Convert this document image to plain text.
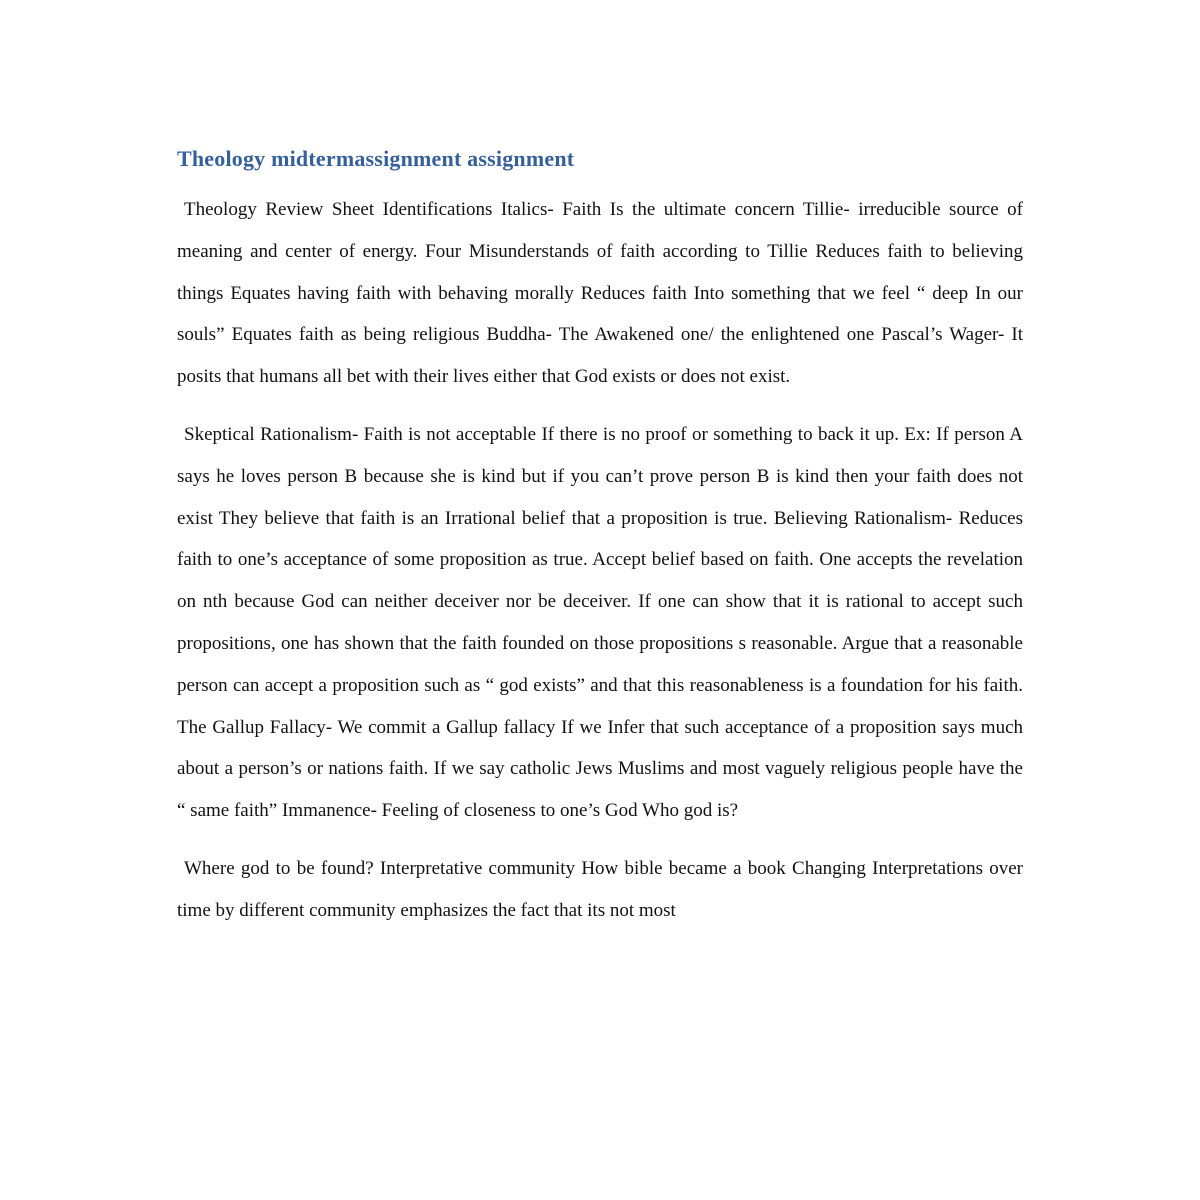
Theology midtermassignment assignment

Theology Review Sheet Identifications Italics- Faith Is the ultimate concern Tillie- irreducible source of meaning and center of energy. Four Misunderstands of faith according to Tillie Reduces faith to believing things Equates having faith with behaving morally Reduces faith Into something that we feel “ deep In our souls” Equates faith as being religious Buddha- The Awakened one/ the enlightened one Pascal’s Wager- It posits that humans all bet with their lives either that God exists or does not exist.

Skeptical Rationalism- Faith is not acceptable If there is no proof or something to back it up. Ex: If person A says he loves person B because she is kind but if you can’t prove person B is kind then your faith does not exist They believe that faith is an Irrational belief that a proposition is true. Believing Rationalism- Reduces faith to one’s acceptance of some proposition as true. Accept belief based on faith. One accepts the revelation on nth because God can neither deceiver nor be deceiver. If one can show that it is rational to accept such propositions, one has shown that the faith founded on those propositions s reasonable. Argue that a reasonable person can accept a proposition such as “ god exists” and that this reasonableness is a foundation for his faith. The Gallup Fallacy- We commit a Gallup fallacy If we Infer that such acceptance of a proposition says much about a person’s or nations faith. If we say catholic Jews Muslims and most vaguely religious people have the “ same faith” Immanence- Feeling of closeness to one’s God Who god is?

Where god to be found? Interpretative community How bible became a book Changing Interpretations over time by different community emphasizes the fact that its not most
